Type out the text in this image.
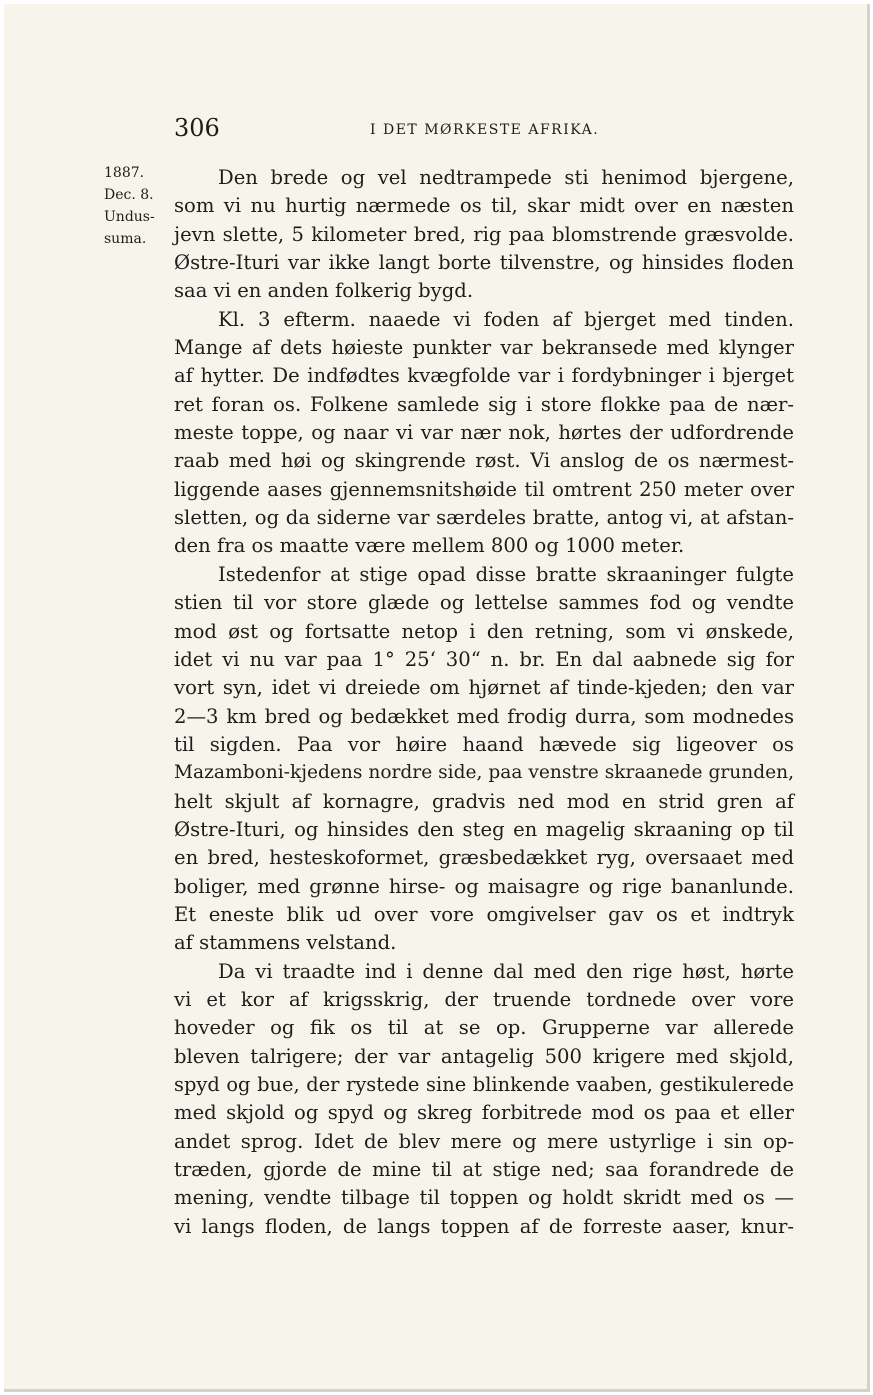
306	I DET MØRKESTE AFRIKA.
1887.
Dec. 8.
Undus-
suma.
Den brede og vel nedtrampede sti henimod bjergene,
som vi nu hurtig nærmede os til, skar midt over en næsten
jevn slette, 5 kilometer bred, rig paa blomstrende græsvolde.
Østre-Ituri var ikke langt borte tilvenstre, og hinsides floden
saa vi en anden folkerig bygd.
Kl. 3 efterm. naaede vi foden af bjerget med tinden.
Mange af dets høieste punkter var bekransede med klynger
af hytter. De indfødtes kvægfolde var i fordybninger i bjerget
ret foran os. Folkene samlede sig i store flokke paa de nær-
meste toppe, og naar vi var nær nok, hørtes der udfordrende
raab med høi og skingrende røst. Vi anslog de os nærmest-
liggende aases gjennemsnitshøide til omtrent 250 meter over
sletten, og da siderne var særdeles bratte, antog vi, at afstan-
den fra os maatte være mellem 800 og 1000 meter.
Istedenfor at stige opad disse bratte skraaninger fulgte
stien til vor store glæde og lettelse sammes fod og vendte
mod øst og fortsatte netop i den retning, som vi ønskede,
idet vi nu var paa 1° 25‘ 30“ n. br. En dal aabnede sig for
vort syn, idet vi dreiede om hjørnet af tinde-kjeden; den var
2—3 km bred og bedækket med frodig durra, som modnedes
til sigden. Paa vor høire haand hævede sig ligeover os
Mazamboni-kjedens nordre side, paa venstre skraanede grunden,
helt skjult af kornagre, gradvis ned mod en strid gren af
Østre-Ituri, og hinsides den steg en magelig skraaning op til
en bred, hesteskoformet, græsbedækket ryg, oversaaet med
boliger, med grønne hirse- og maisagre og rige bananlunde.
Et eneste blik ud over vore omgivelser gav os et indtryk
af stammens velstand.
Da vi traadte ind i denne dal med den rige høst, hørte
vi et kor af krigsskrig, der truende tordnede over vore
hoveder og fik os til at se op. Grupperne var allerede
bleven talrigere; der var antagelig 500 krigere med skjold,
spyd og bue, der rystede sine blinkende vaaben, gestikulerede
med skjold og spyd og skreg forbitrede mod os paa et eller
andet sprog. Idet de blev mere og mere ustyrlige i sin op-
træden, gjorde de mine til at stige ned; saa forandrede de
mening, vendte tilbage til toppen og holdt skridt med os —
vi langs floden, de langs toppen af de forreste aaser, knur-
